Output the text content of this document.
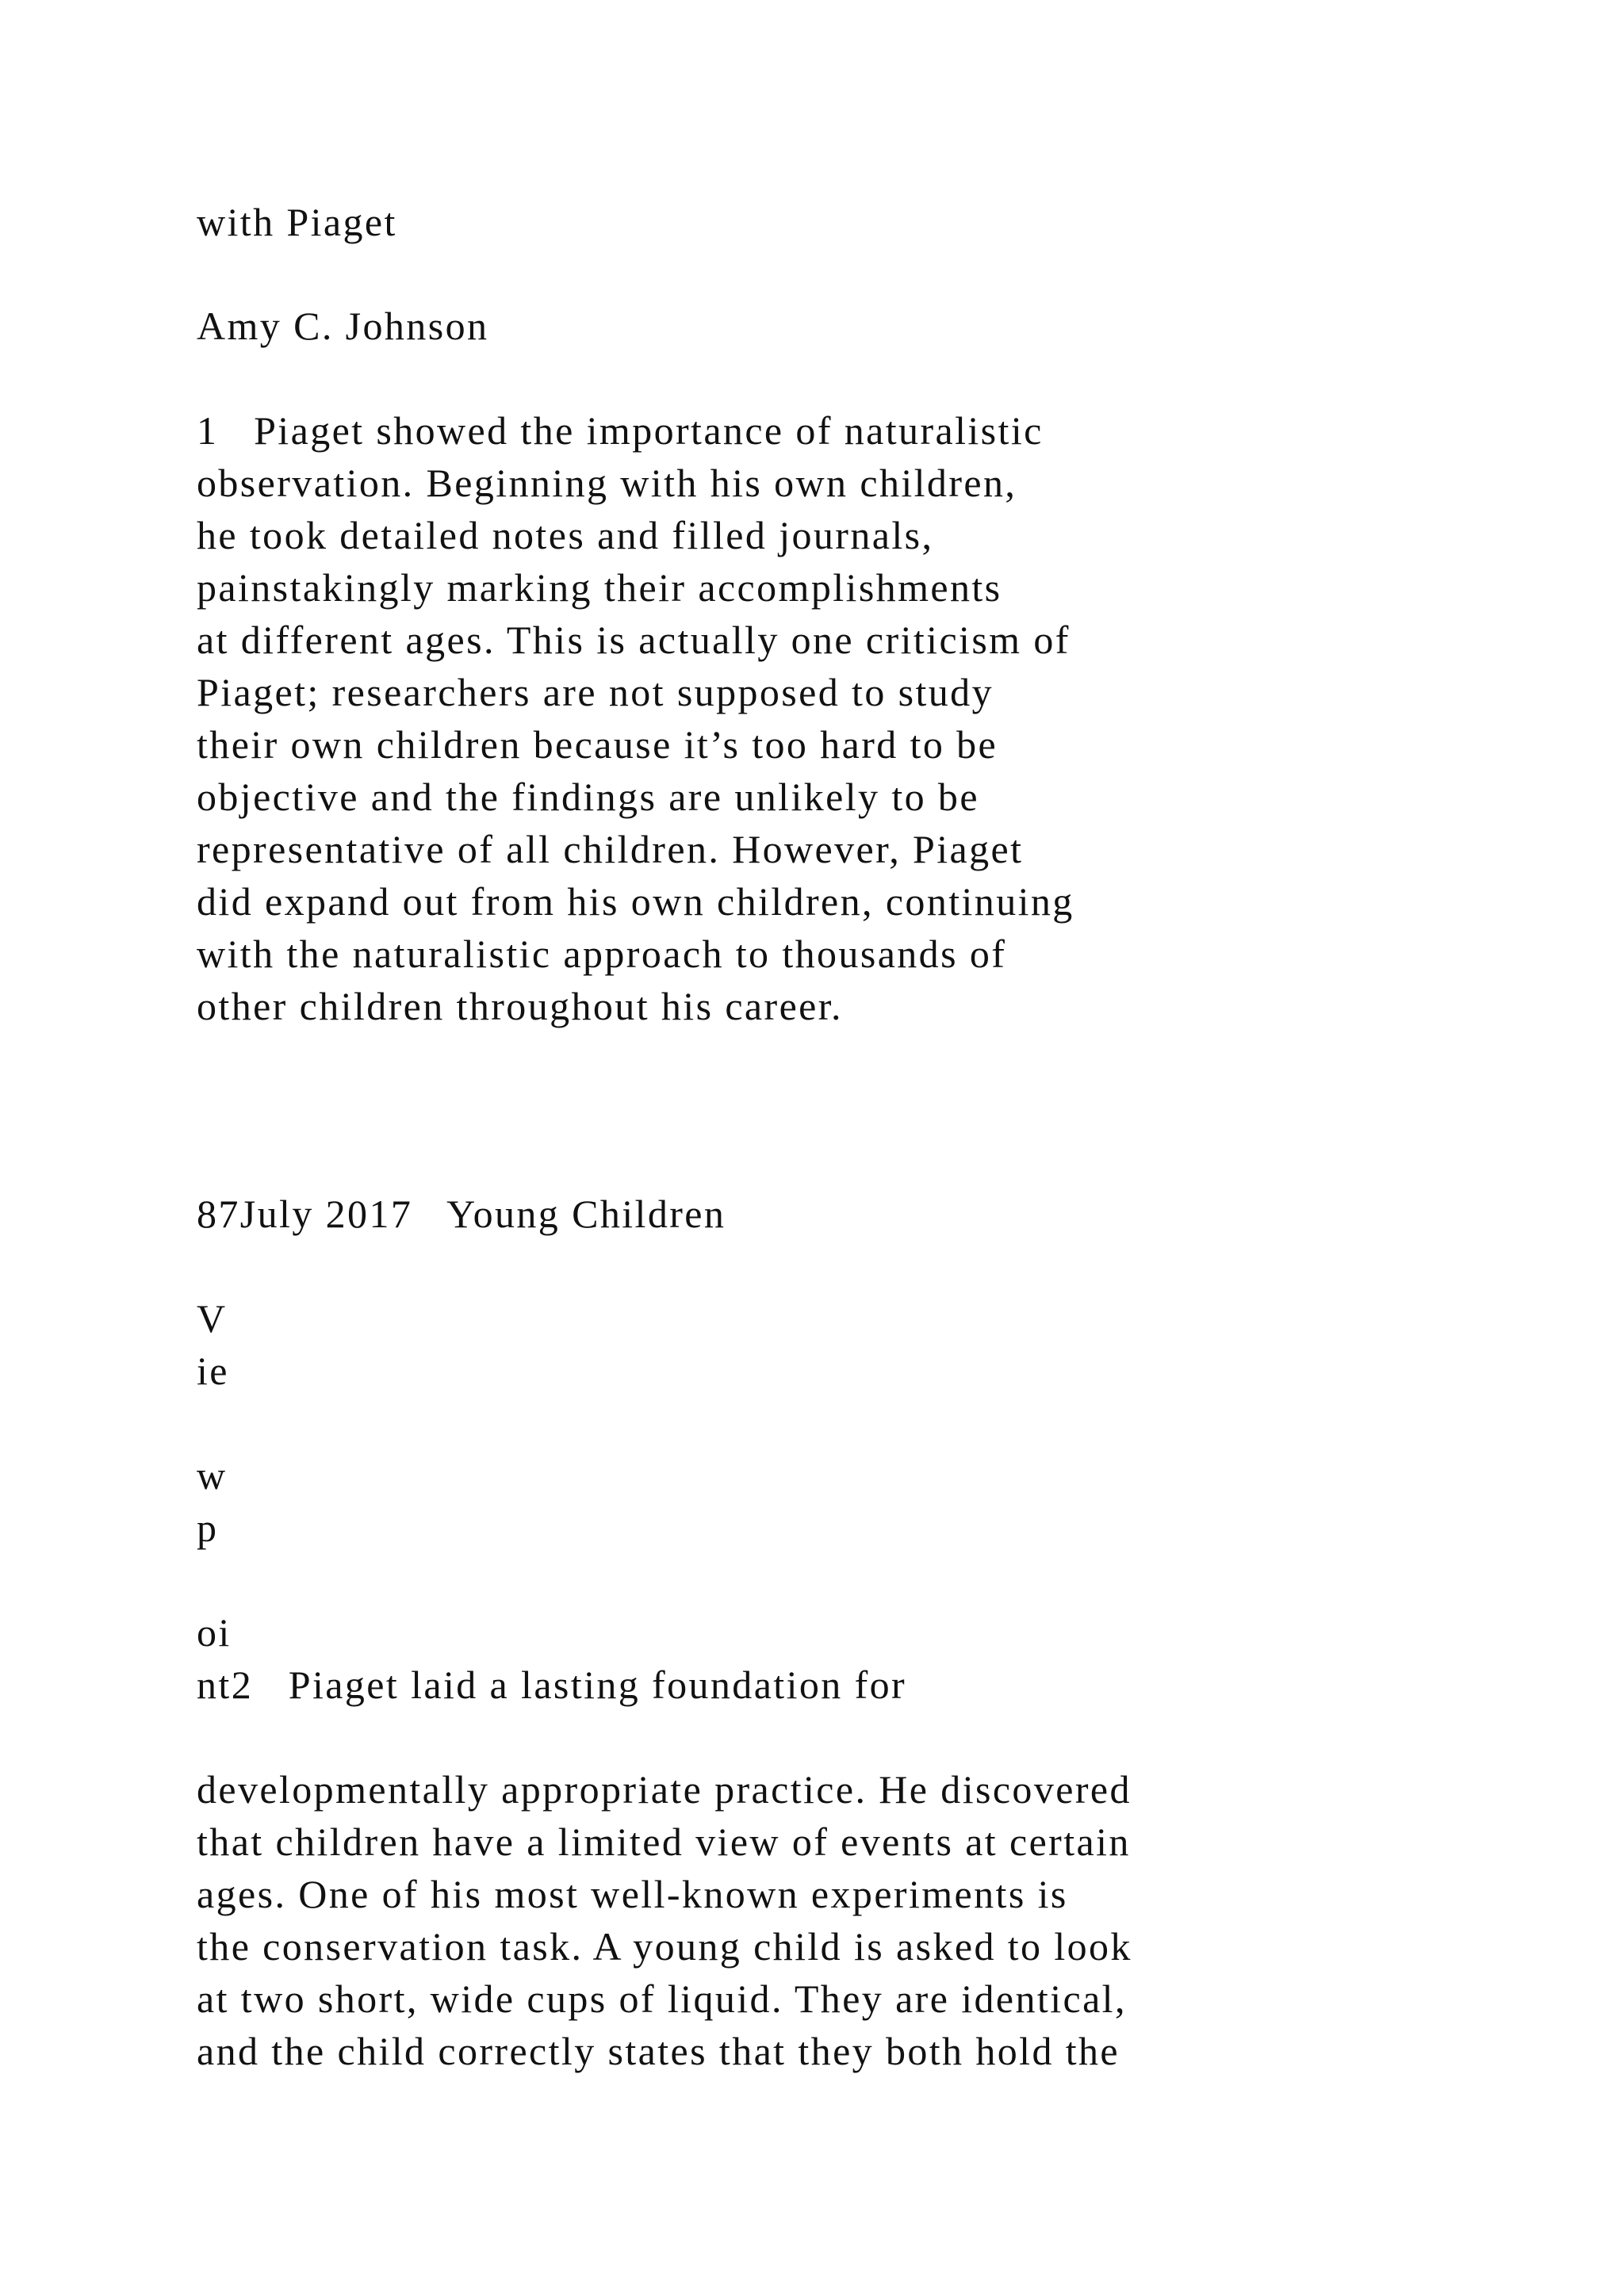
with Piaget
Amy C. Johnson
1   Piaget showed the importance of naturalistic
observation. Beginning with his own children,
he took detailed notes and filled journals,
painstakingly marking their accomplishments
at different ages. This is actually one criticism of
Piaget; researchers are not supposed to study
their own children because it’s too hard to be
objective and the findings are unlikely to be
representative of all children. However, Piaget
did expand out from his own children, continuing
with the naturalistic approach to thousands of
other children throughout his career.
87July 2017   Young Children
V
ie
w
p
oi
nt2   Piaget laid a lasting foundation for
developmentally appropriate practice. He discovered
that children have a limited view of events at certain
ages. One of his most well-known experiments is
the conservation task. A young child is asked to look
at two short, wide cups of liquid. They are identical,
and the child correctly states that they both hold the
